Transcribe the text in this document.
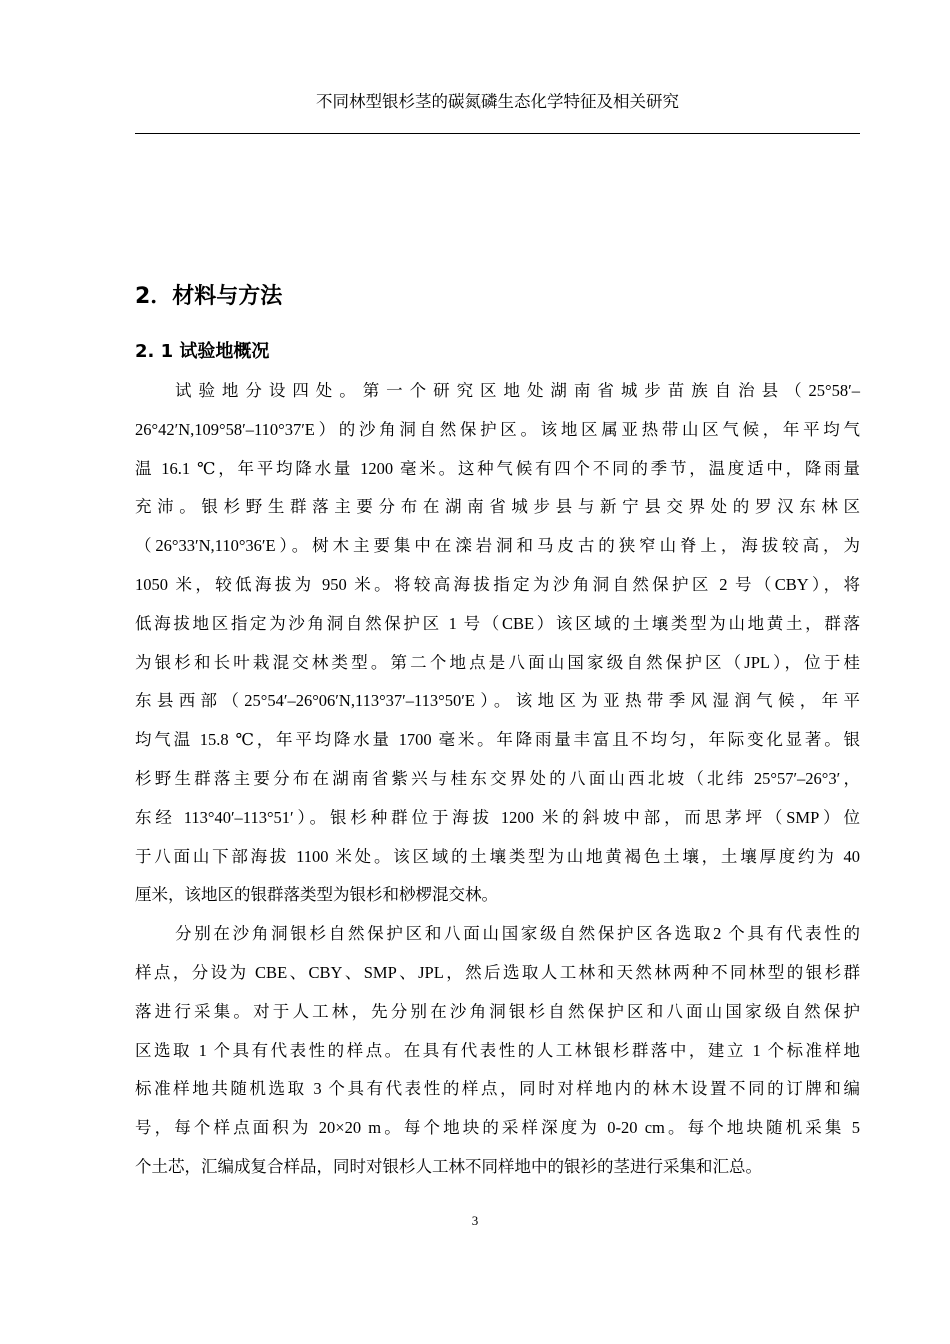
不同林型银杉茎的碳氮磷生态化学特征及相关研究
2．材料与方法
2. 1 试验地概况

试验地分设四处。第一个研究区地处湖南省城步苗族自治县（25°58′–
26°42′N,109°58′–110°37′E）的沙角洞自然保护区。该地区属亚热带山区气候，年平均气
温 16.1 ℃，年平均降水量 1200 毫米。这种气候有四个不同的季节，温度适中，降雨量
充沛。银杉野生群落主要分布在湖南省城步县与新宁县交界处的罗汉东林区
（26°33′N,110°36′E）。树木主要集中在滦岩洞和马皮古的狭窄山脊上，海拔较高，为
1050 米，较低海拔为 950 米。将较高海拔指定为沙角洞自然保护区 2 号（CBY），将
低海拔地区指定为沙角洞自然保护区 1 号（CBE）该区域的土壤类型为山地黄土，群落
为银杉和长叶栽混交林类型。第二个地点是八面山国家级自然保护区（JPL），位于桂
东县西部（25°54′–26°06′N,113°37′–113°50′E）。该地区为亚热带季风湿润气候，年平
均气温 15.8 ℃，年平均降水量 1700 毫米。年降雨量丰富且不均匀，年际变化显著。银
杉野生群落主要分布在湖南省紫兴与桂东交界处的八面山西北坡（北纬 25°57′–26°3′，
东经 113°40′–113°51′）。银杉种群位于海拔 1200 米的斜坡中部，而思茅坪（SMP）位
于八面山下部海拔 1100 米处。该区域的土壤类型为山地黄褐色土壤，土壤厚度约为 40
厘米，该地区的银群落类型为银杉和桫椤混交林。

分别在沙角洞银杉自然保护区和八面山国家级自然保护区各选取2 个具有代表性的
样点，分设为 CBE、CBY、SMP、JPL，然后选取人工林和天然林两种不同林型的银杉群
落进行采集。对于人工林，先分别在沙角洞银杉自然保护区和八面山国家级自然保护
区选取 1 个具有代表性的样点。在具有代表性的人工林银杉群落中，建立 1 个标准样地
标准样地共随机选取 3 个具有代表性的样点，同时对样地内的林木设置不同的订牌和编
号，每个样点面积为 20×20 m。每个地块的采样深度为 0-20 cm。每个地块随机采集 5
个土芯，汇编成复合样品，同时对银杉人工林不同样地中的银衫的茎进行采集和汇总。

3
